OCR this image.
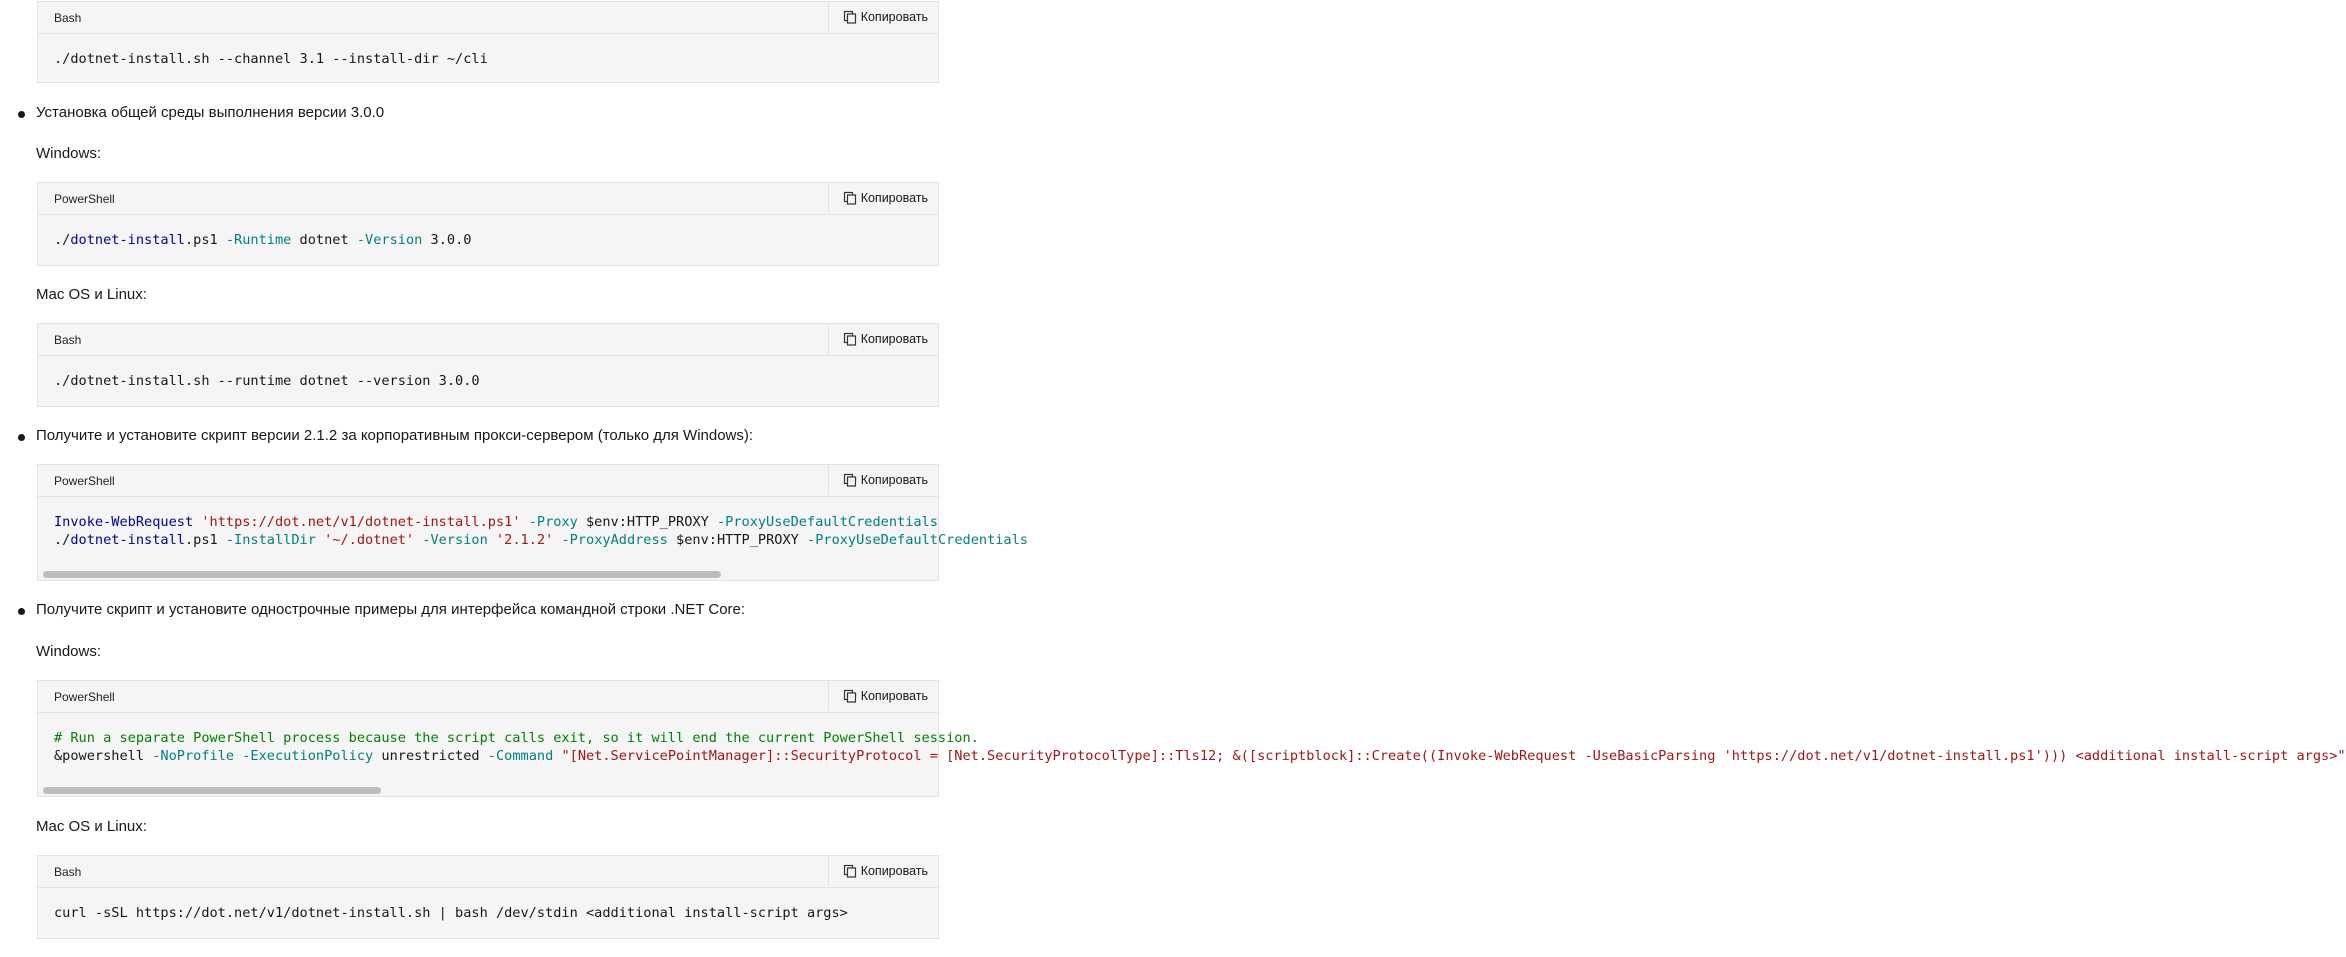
Bash	Копировать
./dotnet-install.sh --channel 3.1 --install-dir ~/cli
Установка общей среды выполнения версии 3.0.0
Windows:
PowerShell	Копировать
./dotnet-install.ps1 -Runtime dotnet -Version 3.0.0
Mac OS и Linux:
Bash	Копировать
./dotnet-install.sh --runtime dotnet --version 3.0.0
Получите и установите скрипт версии 2.1.2 за корпоративным прокси-сервером (только для Windows):
PowerShell	Копировать
Invoke-WebRequest 'https://dot.net/v1/dotnet-install.ps1' -Proxy $env:HTTP_PROXY -ProxyUseDefaultCredentials
./dotnet-install.ps1 -InstallDir '~/.dotnet' -Version '2.1.2' -ProxyAddress $env:HTTP_PROXY -ProxyUseDefaultCredentials
Получите скрипт и установите однострочные примеры для интерфейса командной строки .NET Core:
Windows:
PowerShell	Копировать
# Run a separate PowerShell process because the script calls exit, so it will end the current PowerShell session.
&powershell -NoProfile -ExecutionPolicy unrestricted -Command "[Net.ServicePointManager]::SecurityProtocol = [Net.SecurityProtocolType]::Tls12; &([scriptblock]::Create((Invoke-WebRequest -UseBasicParsing 'https://dot.net/v1/dotnet-install.ps1'))) <additional install-script args>"
Mac OS и Linux:
Bash	Копировать
curl -sSL https://dot.net/v1/dotnet-install.sh | bash /dev/stdin <additional install-script args>
